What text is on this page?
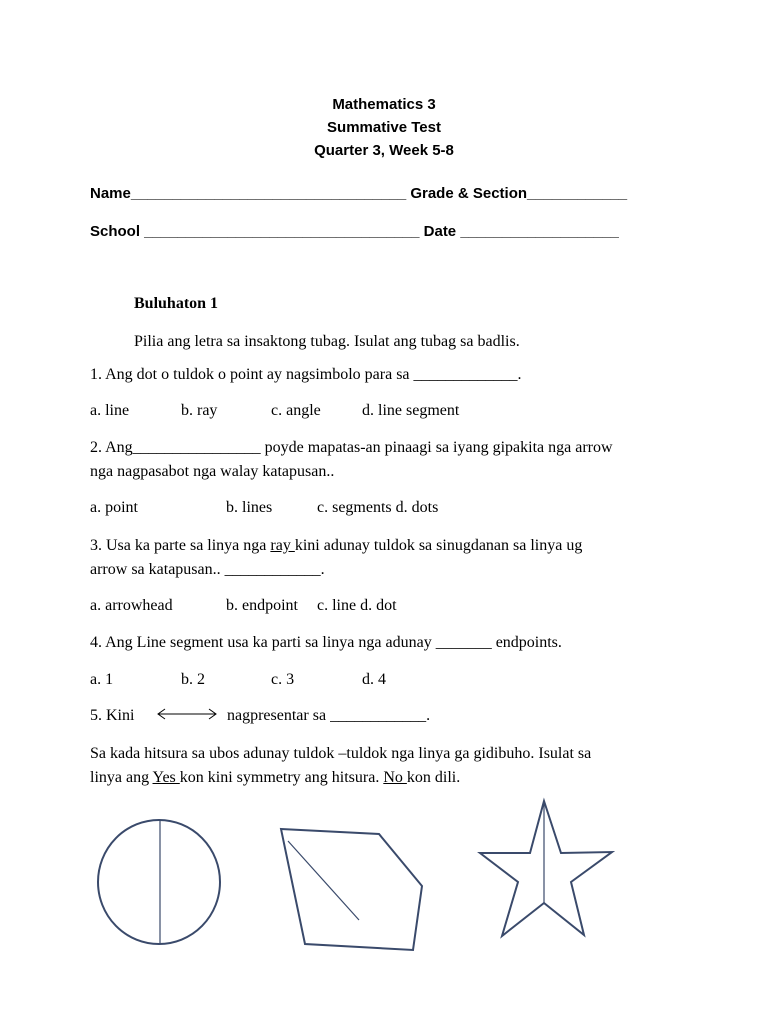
Mathematics 3
Summative Test
Quarter 3, Week 5-8
Name_________________________________ Grade & Section____________
School _________________________________ Date ___________________
Buluhaton 1
Pilia ang letra sa insaktong tubag. Isulat ang tubag sa badlis.
1. Ang dot o tuldok o point ay nagsimbolo para sa _____________.
a. line	b. ray	c. angle	d. line segment
2. Ang________________ poyde mapatas-an pinaagi sa iyang gipakita nga arrow
nga nagpasabot nga walay katapusan..
a. point	b. lines	c. segments d. dots
3. Usa ka parte sa linya nga ray kini adunay tuldok sa sinugdanan sa linya ug
arrow sa katapusan.. ____________.
a. arrowhead	b. endpoint c. line d. dot
4. Ang Line segment usa ka parti sa linya nga adunay _______ endpoints.
a. 1	b. 2	c. 3	d. 4
5. Kini	nagpresentar sa ____________.
Sa kada hitsura sa ubos adunay tuldok –tuldok nga linya ga gidibuho. Isulat sa
linya ang Yes kon kini symmetry ang hitsura. No kon dili.
